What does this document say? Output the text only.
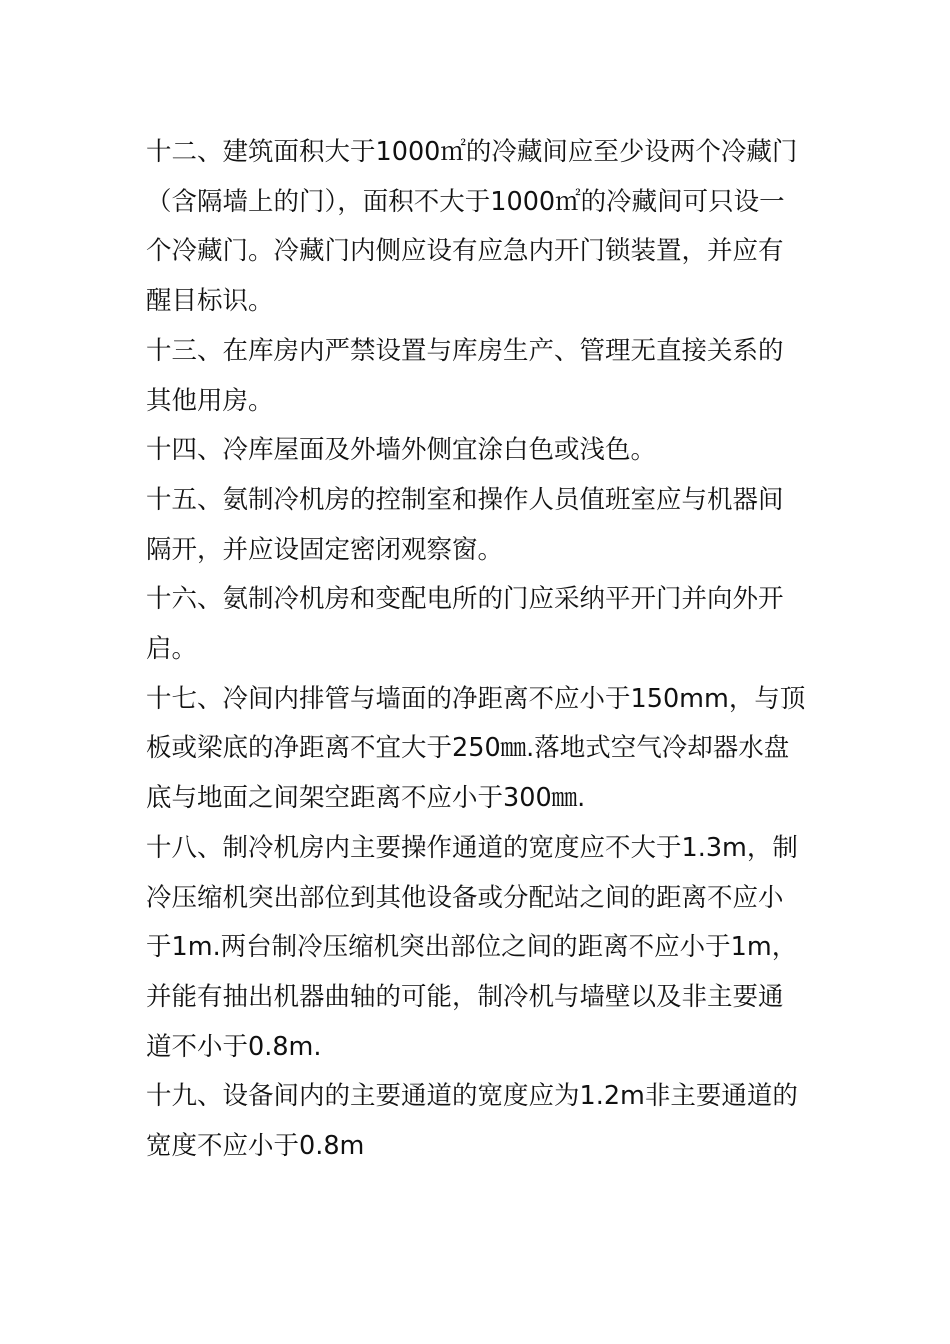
十二、建筑面积大于1000㎡的冷藏间应至少设两个冷藏门
（含隔墙上的门），面积不大于1000㎡的冷藏间可只设一
个冷藏门。冷藏门内侧应设有应急内开门锁装置，并应有
醒目标识。

十三、在库房内严禁设置与库房生产、管理无直接关系的
其他用房。

十四、冷库屋面及外墙外侧宜涂白色或浅色。

十五、氨制冷机房的控制室和操作人员值班室应与机器间
隔开，并应设固定密闭观察窗。

十六、氨制冷机房和变配电所的门应采纳平开门并向外开
启。

十七、冷间内排管与墙面的净距离不应小于150mm，与顶
板或梁底的净距离不宜大于250㎜.落地式空气冷却器水盘
底与地面之间架空距离不应小于300㎜.

十八、制冷机房内主要操作通道的宽度应不大于1.3m，制
冷压缩机突出部位到其他设备或分配站之间的距离不应小
于1m.两台制冷压缩机突出部位之间的距离不应小于1m，
并能有抽出机器曲轴的可能，制冷机与墙壁以及非主要通
道不小于0.8m.

十九、设备间内的主要通道的宽度应为1.2m非主要通道的
宽度不应小于0.8m
